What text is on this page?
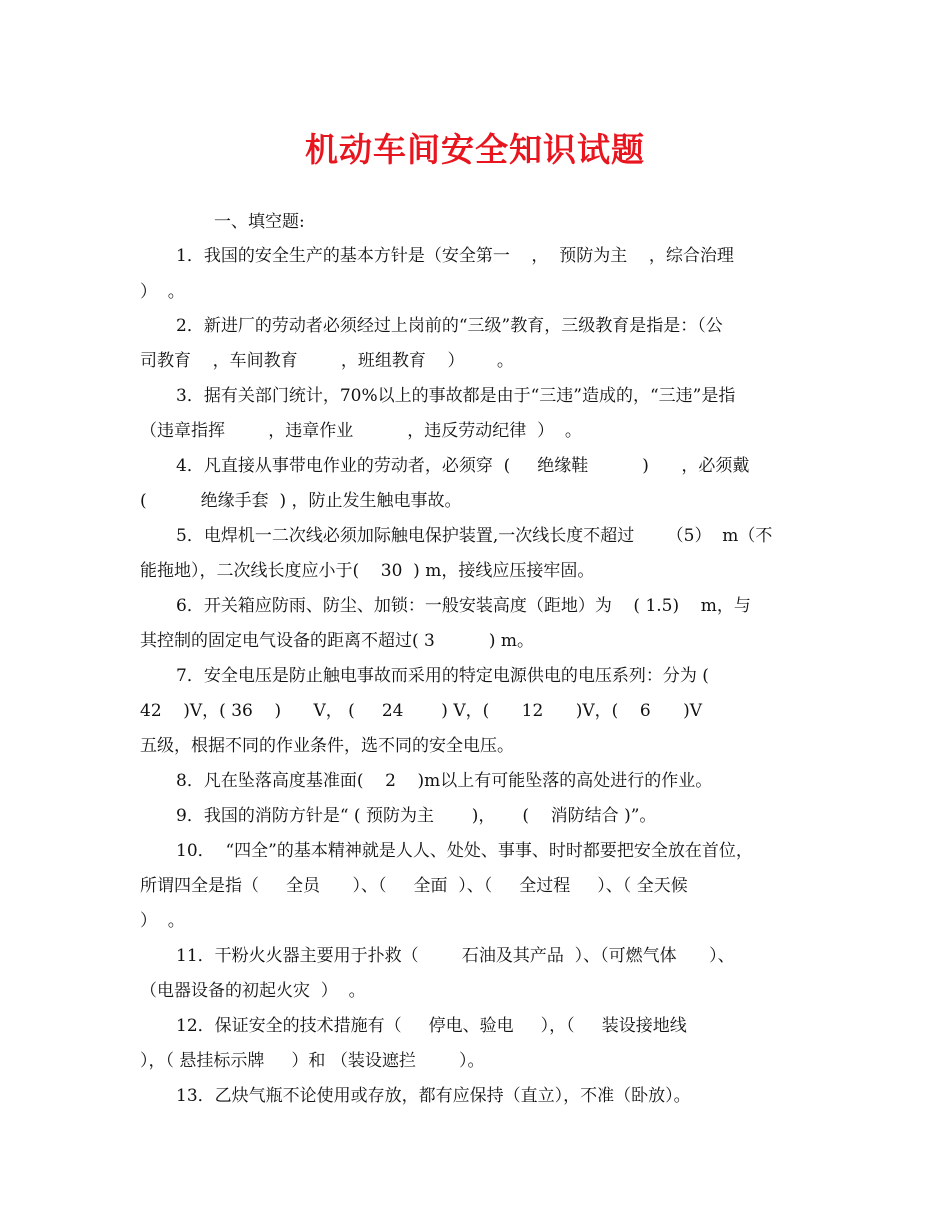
机动车间安全知识试题
一、填空题:
1．我国的安全生产的基本方针是（安全第一    ，  预防为主    ，综合治理
）  。
2．新进厂的劳动者必须经过上岗前的“三级”教育，三级教育是指是：（公
司教育    ，车间教育        ，班组教育    ）      。
3．据有关部门统计，70%以上的事故都是由于“三违”造成的，“三违”是指
（违章指挥        ，违章作业          ，违反劳动纪律  ）  。
4．凡直接从事带电作业的劳动者，必须穿  (     绝缘鞋          )      ，必须戴
(          绝缘手套  ) ，防止发生触电事故。
5．电焊机一二次线必须加际触电保护装置,一次线长度不超过      （5）  m（不
能拖地），二次线长度应小于(    30  ) m，接线应压接牢固。
6．开关箱应防雨、防尘、加锁：一般安装高度（距地）为    ( 1.5)    m，与
其控制的固定电气设备的距离不超过( 3          ) m。
7．安全电压是防止触电事故而采用的特定电源供电的电压系列：分为 (
42    )V，( 36    )      V， (     24       ) V，(      12      )V，(    6      )V
五级，根据不同的作业条件，选不同的安全电压。
8．凡在坠落高度基准面(    2    )m以上有可能坠落的高处进行的作业。
9．我国的消防方针是“ ( 预防为主       )，     (    消防结合 )”。
10．  “四全”的基本精神就是人人、处处、事事、时时都要把安全放在首位，
所谓四全是指（     全员      ）、（     全面  ）、（     全过程     ）、（ 全天候
）  。
11．干粉火火器主要用于扑救（        石油及其产品  ）、（可燃气体      ）、
（电器设备的初起火灾  ）  。
12．保证安全的技术措施有（     停电、验电     ），（     装设接地线
），（ 悬挂标示牌     ）和 （装设遮拦        ）。
13．乙炔气瓶不论使用或存放，都有应保持（直立），不准（卧放）。
